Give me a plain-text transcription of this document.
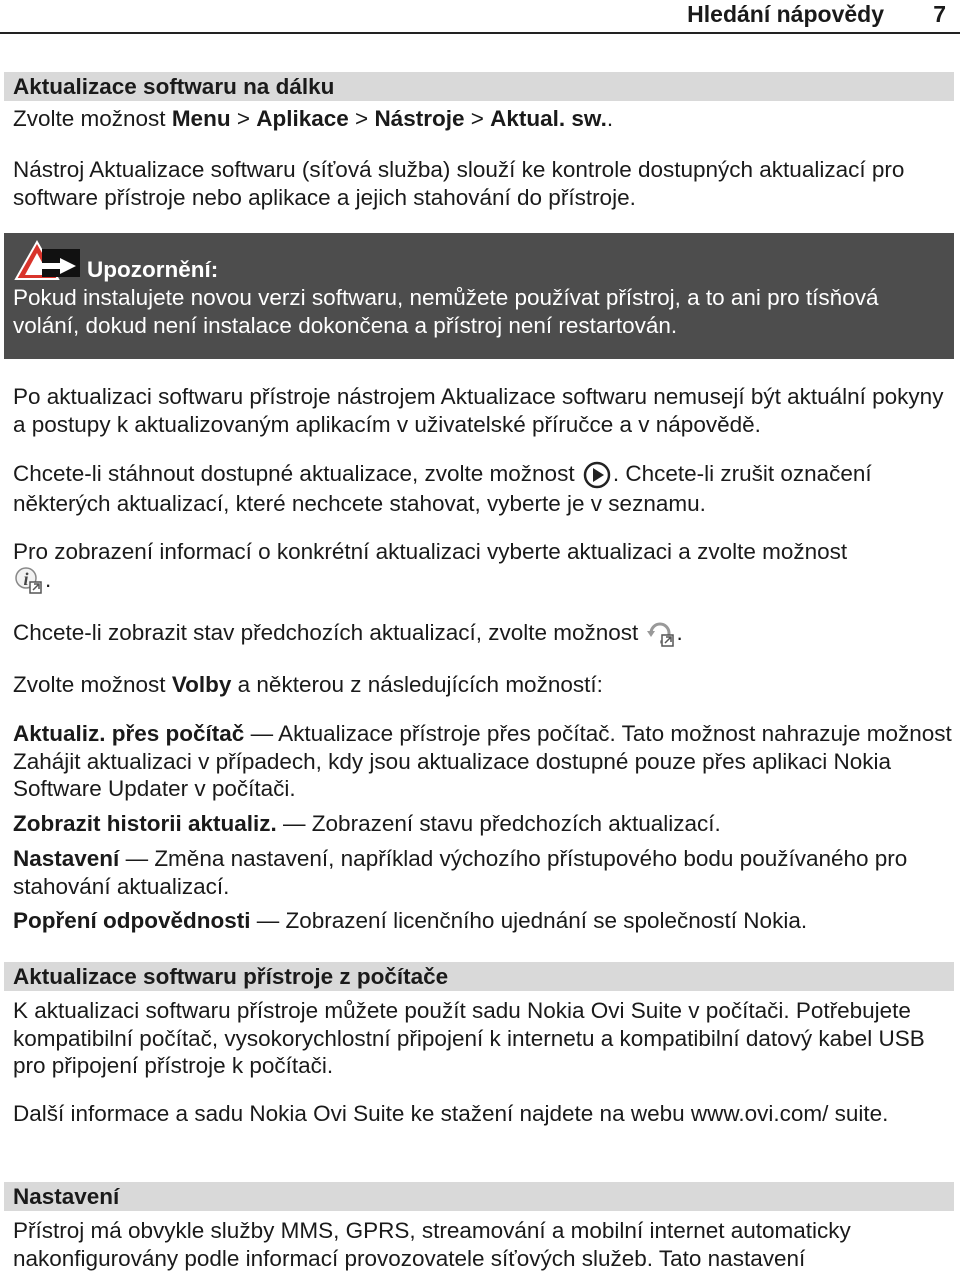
Hledání nápovědy 7
Aktualizace softwaru na dálku

Zvolte možnost Menu > Aplikace > Nástroje > Aktual. sw..

Nástroj Aktualizace softwaru (síťová služba) slouží ke kontrole dostupných aktualizací pro software přístroje nebo aplikace a jejich stahování do přístroje.

Upozornění:

Pokud instalujete novou verzi softwaru, nemůžete používat přístroj, a to ani pro tísňová volání, dokud není instalace dokončena a přístroj není restartován.

Po aktualizaci softwaru přístroje nástrojem Aktualizace softwaru nemusejí být aktuální pokyny a postupy k aktualizovaným aplikacím v uživatelské příručce a v nápovědě.

Chcete-li stáhnout dostupné aktualizace, zvolte možnost . Chcete-li zrušit označení některých aktualizací, které nechcete stahovat, vyberte je v seznamu.

Pro zobrazení informací o konkrétní aktualizaci vyberte aktualizaci a zvolte možnost

i .

Chcete-li zobrazit stav předchozích aktualizací, zvolte možnost .

Zvolte možnost Volby a některou z následujících možností:

Aktualiz. přes počítač — Aktualizace přístroje přes počítač. Tato možnost nahrazuje možnost Zahájit aktualizaci v případech, kdy jsou aktualizace dostupné pouze přes aplikaci Nokia Software Updater v počítači.

Zobrazit historii aktualiz. — Zobrazení stavu předchozích aktualizací.

Nastavení — Změna nastavení, například výchozího přístupového bodu používaného pro stahování aktualizací.

Popření odpovědnosti — Zobrazení licenčního ujednání se společností Nokia.

Aktualizace softwaru přístroje z počítače

K aktualizaci softwaru přístroje můžete použít sadu Nokia Ovi Suite v počítači. Potřebujete kompatibilní počítač, vysokorychlostní připojení k internetu a kompatibilní datový kabel USB pro připojení přístroje k počítači.

Další informace a sadu Nokia Ovi Suite ke stažení najdete na webu www.ovi.com/ suite.

Nastavení

Přístroj má obvykle služby MMS, GPRS, streamování a mobilní internet automaticky nakonfigurovány podle informací provozovatele síťových služeb. Tato nastavení
